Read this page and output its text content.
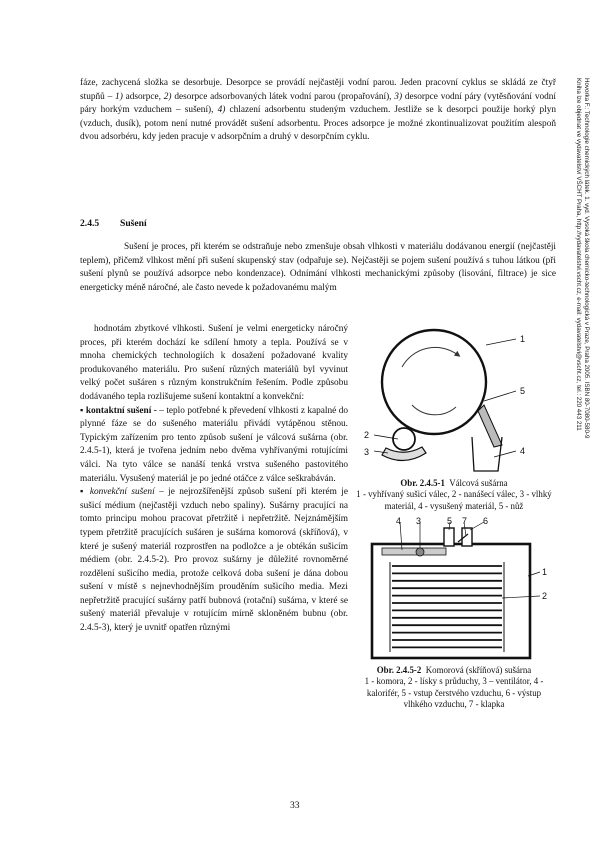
fáze, zachycená složka se desorbuje. Desorpce se provádí nejčastěji vodní parou. Jeden pracovní cyklus se skládá ze čtyř stupňů – 1) adsorpce, 2) desorpce adsorbovaných látek vodní parou (propařování), 3) desorpce vodní páry (vytěsňování vodní páry horkým vzduchem – sušení), 4) chlazení adsorbentu studeným vzduchem. Jestliže se k desorpci použije horký plyn (vzduch, dusík), potom není nutné provádět sušení adsorbentu. Proces adsorpce je možné zkontinualizovat použitím alespoň dvou adsorbéru, kdy jeden pracuje v adsorpčním a druhý v desorpčním cyklu.

2.4.5 Sušení

Sušení je proces, při kterém se odstraňuje nebo zmenšuje obsah vlhkosti v materiálu dodávanou energií (nejčastěji teplem), přičemž vlhkost mění při sušení skupenský stav (odpařuje se). Nejčastěji se pojem sušení používá s tuhou látkou (při sušení plynů se používá adsorpce nebo kondenzace). Odnímání vlhkosti mechanickými způsoby (lisování, filtrace) je sice energeticky méně náročné, ale často nevede k požadovanému malým

hodnotám zbytkové vlhkosti. Sušení je velmi energeticky náročný proces, při kterém dochází ke sdílení hmoty a tepla. Používá se v mnoha chemických technologiích k dosažení požadované kvality produkovaného materiálu. Pro sušení různých materiálů byl vyvinut velký počet sušáren s různým konstrukčním řešením. Podle způsobu dodávaného tepla rozlišujeme sušení kontaktní a konvekční:
▪ kontaktní sušení - – teplo potřebné k převedení vlhkosti z kapalné do plynné fáze se do sušeného materiálu přivádí vytápěnou stěnou. Typickým zařízením pro tento způsob sušení je válcová sušárna (obr. 2.4.5-1), která je tvořena jedním nebo dvěma vyhřívanými rotujícími válci. Na tyto válce se nanáší tenká vrstva sušeného pastovitého materiálu. Vysušený materiál je po jedné otáčce z válce seškrabáván.
▪ konvekční sušení – je nejrozšířenější způsob sušení při kterém je sušicí médium (nejčastěji vzduch nebo spaliny). Sušárny pracující na tomto principu mohou pracovat přetržitě i nepřetržitě. Nejznámějším typem přetržitě pracujících sušáren je sušárna komorová (skříňová), v které je sušený materiál rozprostřen na podložce a je obtékán sušicím médiem (obr. 2.4.5-2). Pro provoz sušárny je důležité rovnoměrné rozdělení sušicího media, protože celková doba sušení je dána dobou sušení v místě s nejnevhodnějším prouděním sušicího media. Mezi nepřetržitě pracující sušárny patří bubnová (rotační) sušárna, v které se sušený materiál převaluje v rotujícím mírně skloněném bubnu (obr. 2.4.5-3), který je uvnitř opatřen různými

1
5
2
3	4
Obr. 2.4.5-1 Válcová sušárna
1 - vyhřívaný sušicí válec, 2 - nanášecí válec, 3 - vlhký materiál, 4 - vysušený materiál, 5 - nůž
4 3	5 7 6
1
2
Obr. 2.4.5-2 Komorová (skříňová) sušárna
1 - komora, 2 - lísky s průduchy, 3 – ventilátor, 4 - kalorifér, 5 - vstup čerstvého vzduchu, 6 - výstup vlhkého vzduchu, 7 - klapka
Hovorka F.: Technologie chemických látek. 1. vyd. Vysoká škola chemicko-technologická v Praze, Praha 2005. ISBN 80-7080-580-9
Kniha lze objednat ve vydavatelství VŠCHT Praha, http://vydavatelstvi.vscht.cz, e-mail: vydavatelstvi@vscht.cz, tel.: 220 443 211
33
